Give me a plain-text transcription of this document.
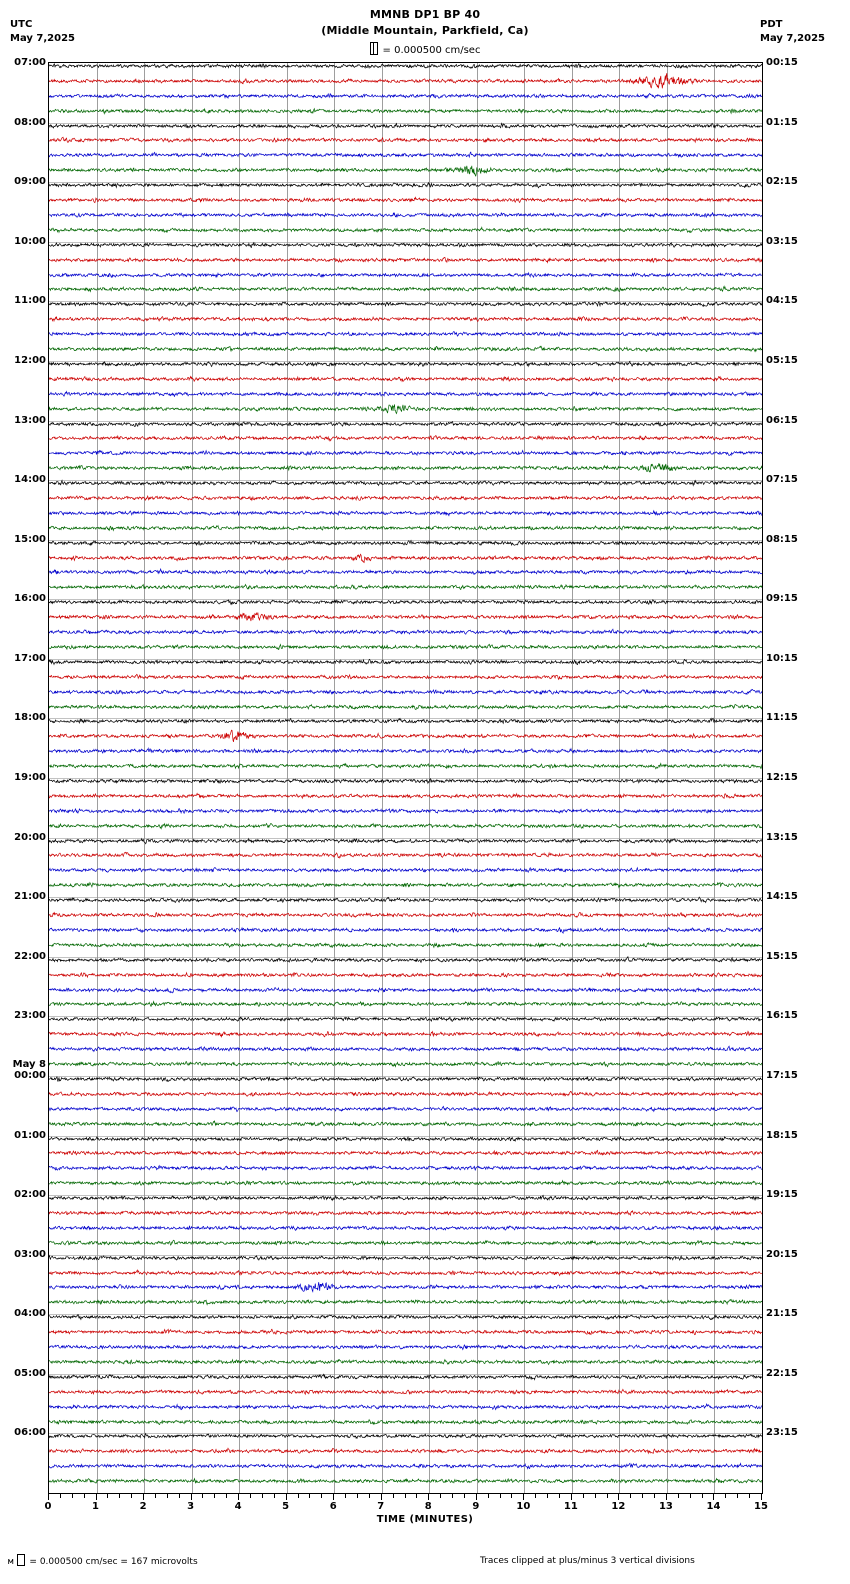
MMNB DP1 BP 40
(Middle Mountain, Parkfield, Ca)
UTC
May 7,2025
PDT
May 7,2025
= 0.000500 cm/sec
0	1	2	3	4	5	6	7	8	9	10	11	12	13	14	15
TIME (MINUTES)
м = 0.000500 cm/sec = 167 microvolts	Traces clipped at plus/minus 3 vertical divisions
07:00	00:15
08:00	01:15
09:00	02:15
10:00	03:15
11:00	04:15
12:00	05:15
13:00	06:15
14:00	07:15
15:00	08:15
16:00	09:15
17:00	10:15
18:00	11:15
19:00	12:15
20:00	13:15
21:00	14:15
22:00	15:15
23:00	16:15
May 8
00:00	17:15
01:00	18:15
02:00	19:15
03:00	20:15
04:00	21:15
05:00	22:15
06:00	23:15
